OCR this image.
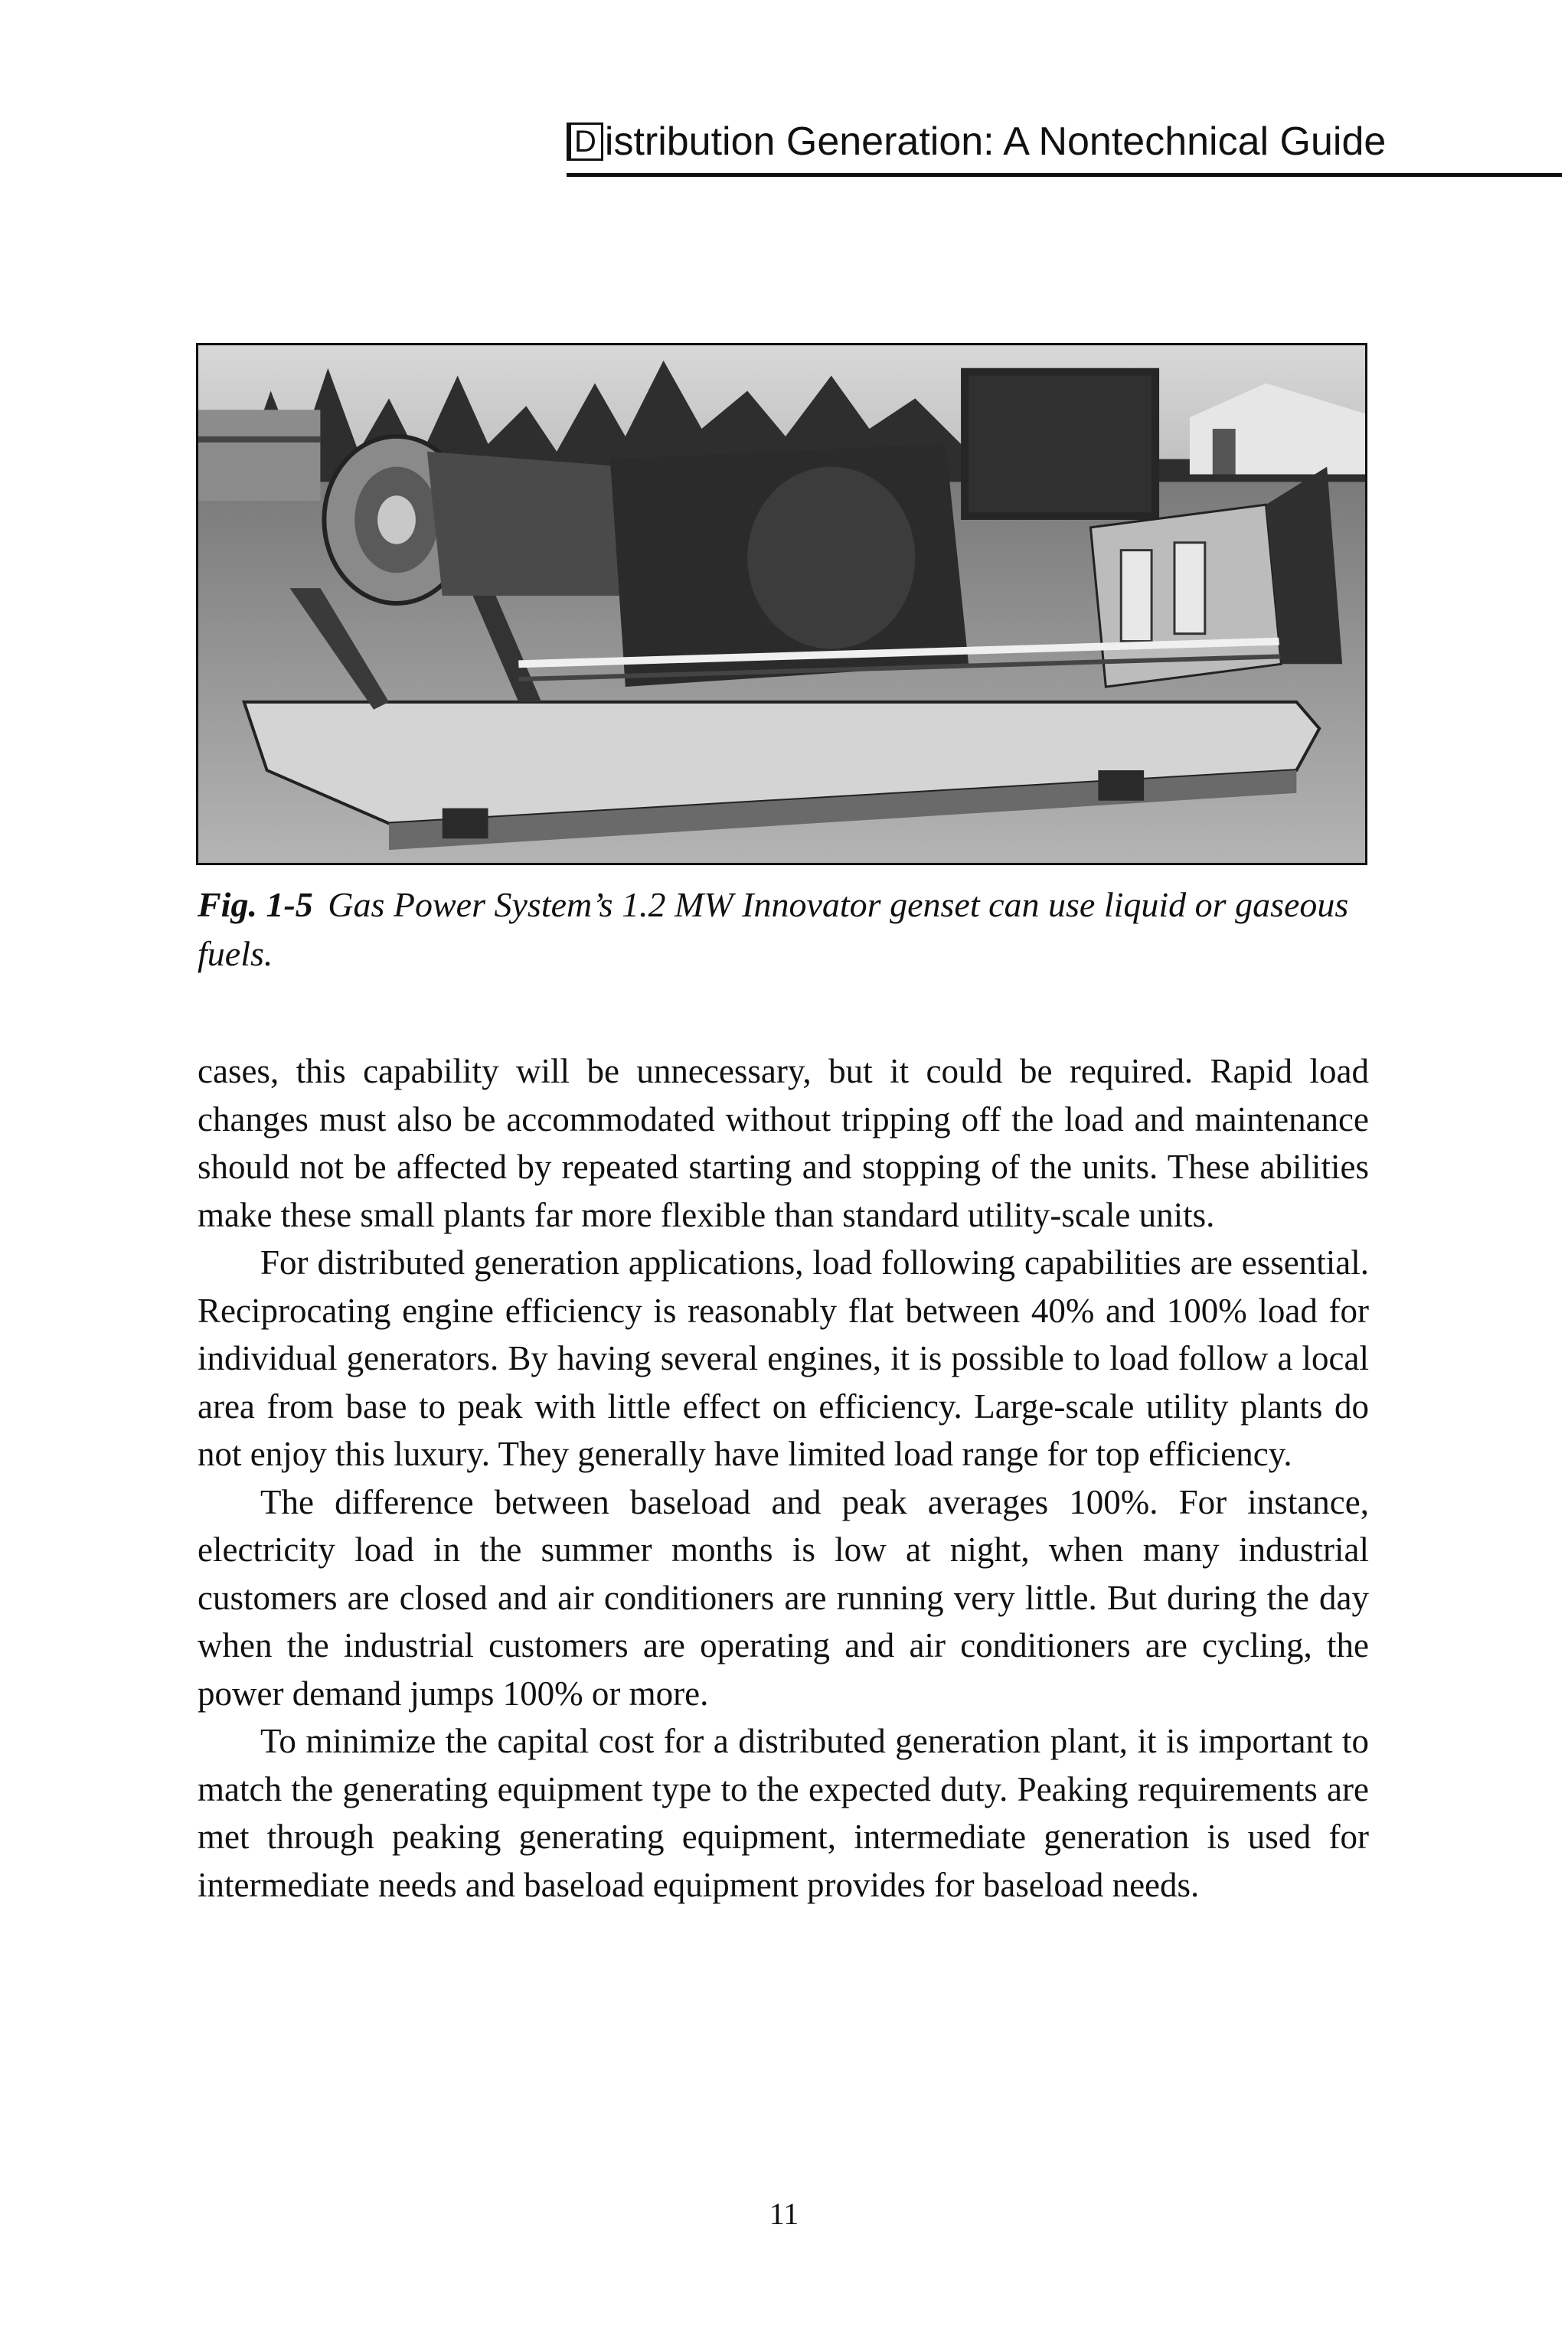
D istribution Generation: A Nontechnical Guide
Fig. 1-5 Gas Power System’s 1.2 MW Innovator genset can use liquid or gaseous fuels.

cases, this capability will be unnecessary, but it could be required. Rapid load changes must also be accommodated without tripping off the load and maintenance should not be affected by repeated starting and stopping of the units. These abilities make these small plants far more flexible than standard utility-scale units.

For distributed generation applications, load following capabilities are essential. Reciprocating engine efficiency is reasonably flat between 40% and 100% load for individual generators. By having several engines, it is possible to load follow a local area from base to peak with little effect on efficiency. Large-scale utility plants do not enjoy this luxury. They generally have limited load range for top efficiency.

The difference between baseload and peak averages 100%. For instance, electricity load in the summer months is low at night, when many industrial customers are closed and air conditioners are running very little. But during the day when the industrial customers are operating and air conditioners are cycling, the power demand jumps 100% or more.

To minimize the capital cost for a distributed generation plant, it is important to match the generating equipment type to the expected duty. Peaking requirements are met through peaking generating equipment, intermediate generation is used for intermediate needs and baseload equipment provides for baseload needs.

11
